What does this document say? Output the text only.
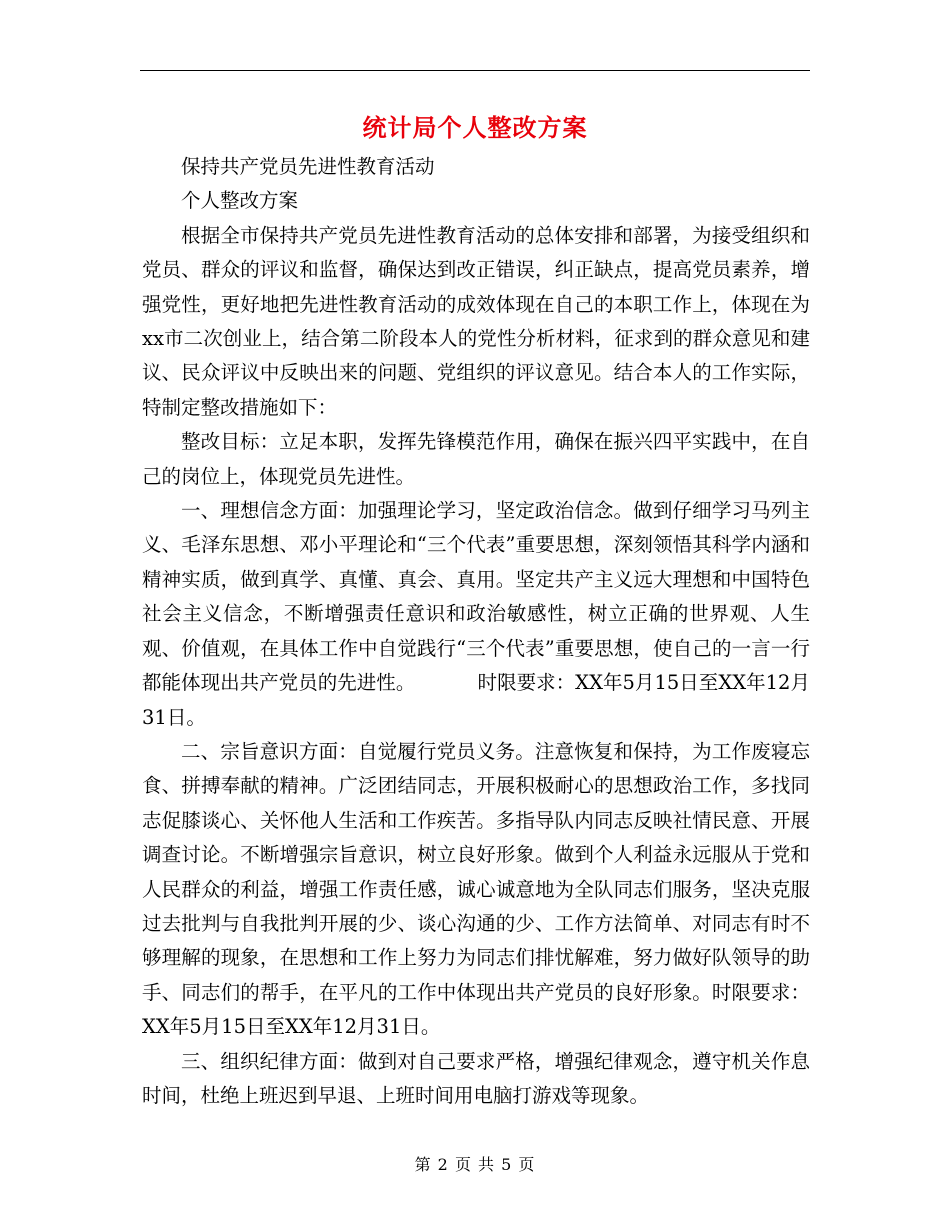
统计局个人整改方案

保持共产党员先进性教育活动

个人整改方案

根据全市保持共产党员先进性教育活动的总体安排和部署，为接受组织和党员、群众的评议和监督，确保达到改正错误，纠正缺点，提高党员素养，增强党性，更好地把先进性教育活动的成效体现在自己的本职工作上，体现在为xx市二次创业上，结合第二阶段本人的党性分析材料，征求到的群众意见和建议、民众评议中反映出来的问题、党组织的评议意见。结合本人的工作实际，特制定整改措施如下：

整改目标：立足本职，发挥先锋模范作用，确保在振兴四平实践中，在自己的岗位上，体现党员先进性。

一、理想信念方面：加强理论学习，坚定政治信念。做到仔细学习马列主义、毛泽东思想、邓小平理论和“三个代表”重要思想，深刻领悟其科学内涵和精神实质，做到真学、真懂、真会、真用。坚定共产主义远大理想和中国特色社会主义信念，不断增强责任意识和政治敏感性，树立正确的世界观、人生观、价值观，在具体工作中自觉践行“三个代表”重要思想，使自己的一言一行都能体现出共产党员的先进性。          时限要求：XX年5月15日至XX年12月31日。

二、宗旨意识方面：自觉履行党员义务。注意恢复和保持，为工作废寝忘食、拼搏奉献的精神。广泛团结同志，开展积极耐心的思想政治工作，多找同志促膝谈心、关怀他人生活和工作疾苦。多指导队内同志反映社情民意、开展调查讨论。不断增强宗旨意识，树立良好形象。做到个人利益永远服从于党和人民群众的利益，增强工作责任感，诚心诚意地为全队同志们服务，坚决克服过去批判与自我批判开展的少、谈心沟通的少、工作方法简单、对同志有时不够理解的现象，在思想和工作上努力为同志们排忧解难，努力做好队领导的助手、同志们的帮手，在平凡的工作中体现出共产党员的良好形象。时限要求：XX年5月15日至XX年12月31日。

三、组织纪律方面：做到对自己要求严格，增强纪律观念，遵守机关作息时间，杜绝上班迟到早退、上班时间用电脑打游戏等现象。

第 2 页 共 5 页
